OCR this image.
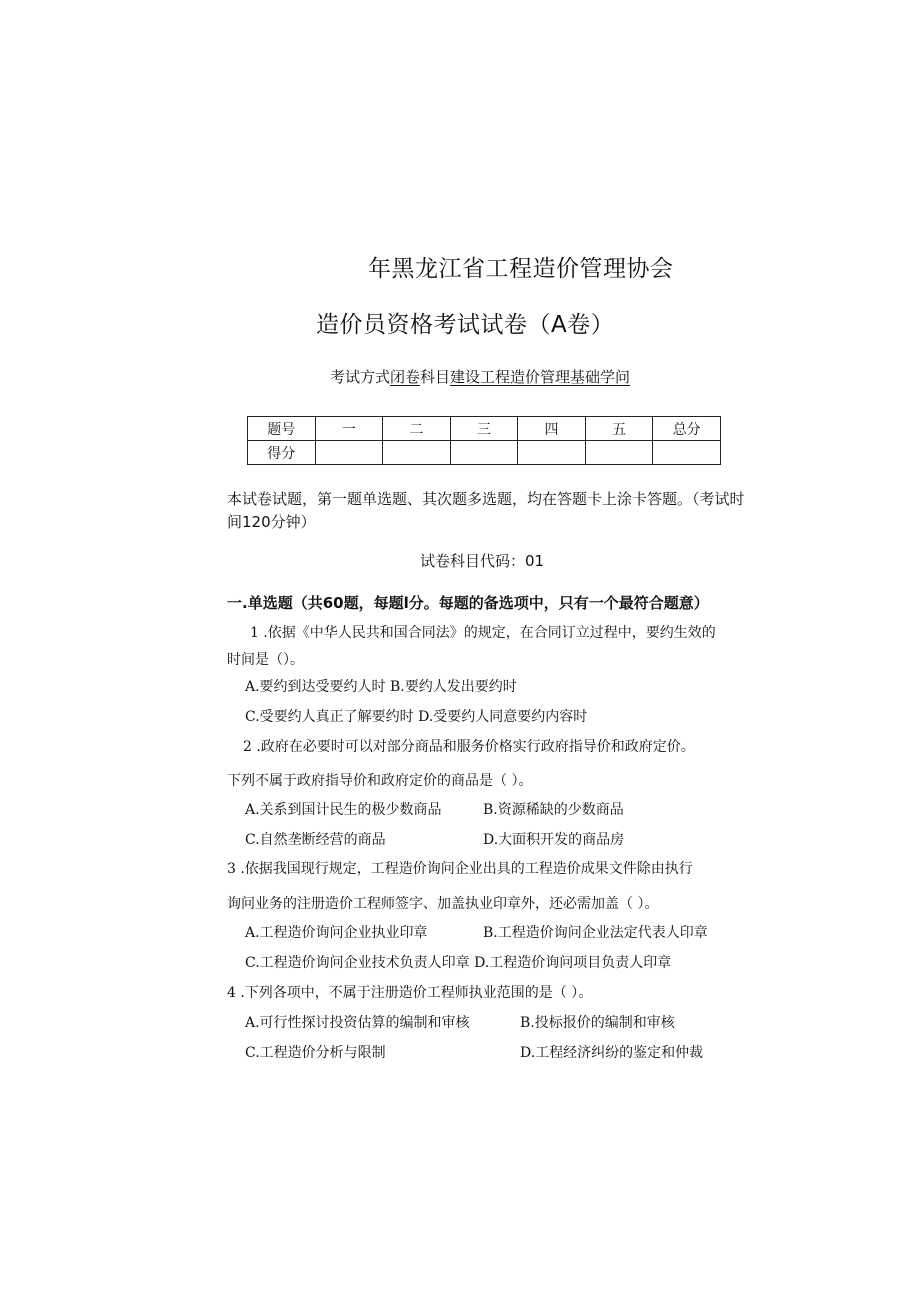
年黑龙江省工程造价管理协会
造价员资格考试试卷（A卷）
考试方式闭卷科目建设工程造价管理基础学问
题号	一	二	三	四	五	总分
得分						
本试卷试题，第一题单选题、其次题多选题，均在答题卡上涂卡答题。（考试时间120分钟）
试卷科目代码：01
一.单选题（共60题，每题l分。每题的备选项中，只有一个最符合题意）
1 .依据《中华人民共和国合同法》的规定，在合同订立过程中，要约生效的
时间是（）。
A.要约到达受要约人时 B.要约人发出要约时
C.受要约人真正了解要约时 D.受要约人同意要约内容时
2 .政府在必要时可以对部分商品和服务价格实行政府指导价和政府定价。
下列不属于政府指导价和政府定价的商品是（ ）。
A.关系到国计民生的极少数商品	B.资源稀缺的少数商品
C.自然垄断经营的商品	D.大面积开发的商品房
3 .依据我国现行规定，工程造价询问企业出具的工程造价成果文件除由执行
询问业务的注册造价工程师签字、加盖执业印章外，还必需加盖（ ）。
A.工程造价询问企业执业印章	B.工程造价询问企业法定代表人印章
C.工程造价询问企业技术负责人印章 D.工程造价询问项目负责人印章
4 .下列各项中，不属于注册造价工程师执业范围的是（ ）。
A.可行性探讨投资估算的编制和审核	B.投标报价的编制和审核
C.工程造价分析与限制	D.工程经济纠纷的鉴定和仲裁
